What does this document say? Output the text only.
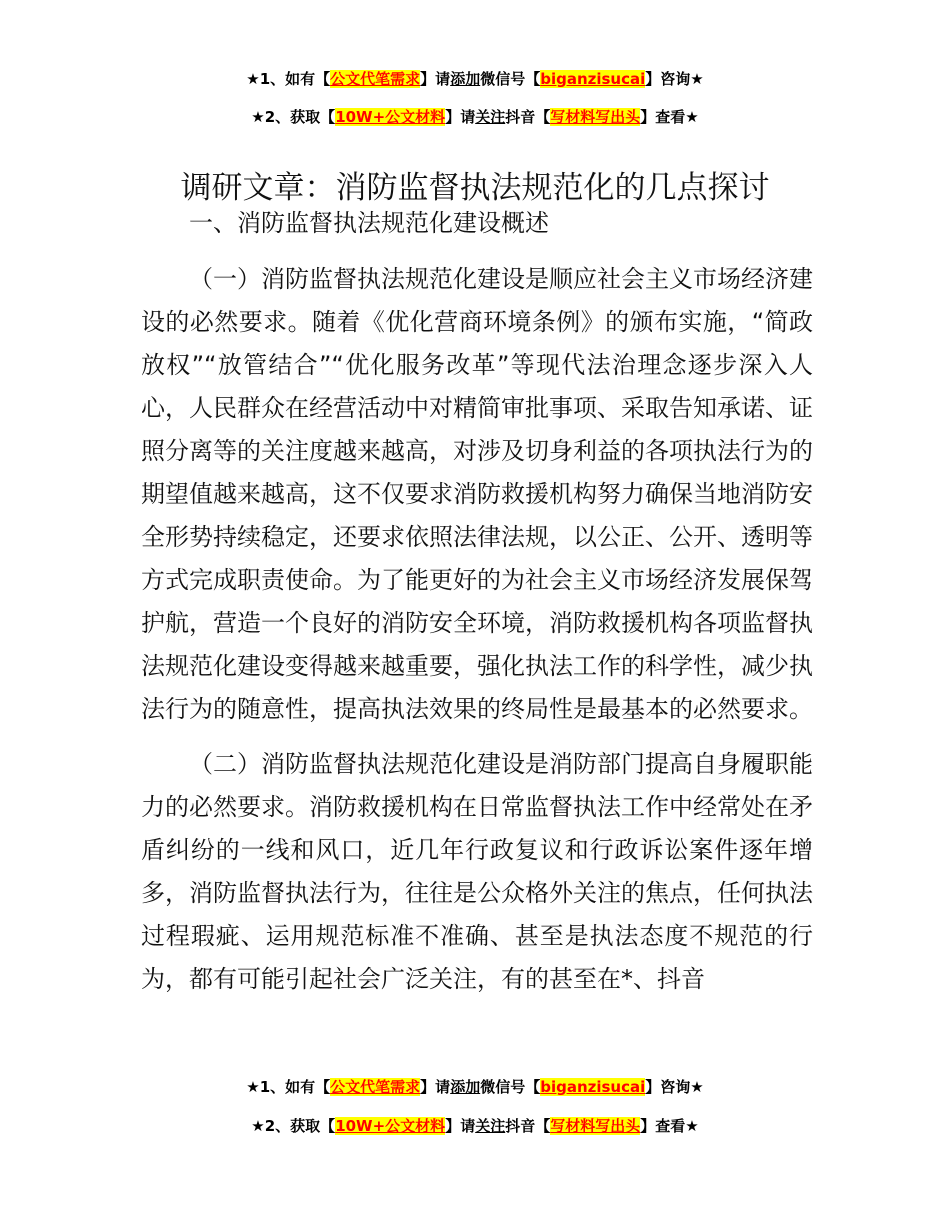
★1、如有【公文代笔需求】请添加微信号【biganzisucai】咨询★
★2、获取【10W+公文材料】请关注抖音【写材料写出头】查看★
调研文章：消防监督执法规范化的几点探讨

一、消防监督执法规范化建设概述

（一）消防监督执法规范化建设是顺应社会主义市场经济建设的必然要求。随着《优化营商环境条例》的颁布实施，“简政放权”“放管结合”“优化服务改革”等现代法治理念逐步深入人心，人民群众在经营活动中对精简审批事项、采取告知承诺、证照分离等的关注度越来越高，对涉及切身利益的各项执法行为的期望值越来越高，这不仅要求消防救援机构努力确保当地消防安全形势持续稳定，还要求依照法律法规，以公正、公开、透明等方式完成职责使命。为了能更好的为社会主义市场经济发展保驾护航，营造一个良好的消防安全环境，消防救援机构各项监督执法规范化建设变得越来越重要，强化执法工作的科学性，减少执法行为的随意性，提高执法效果的终局性是最基本的必然要求。

（二）消防监督执法规范化建设是消防部门提高自身履职能力的必然要求。消防救援机构在日常监督执法工作中经常处在矛盾纠纷的一线和风口，近几年行政复议和行政诉讼案件逐年增多，消防监督执法行为，往往是公众格外关注的焦点，任何执法过程瑕疵、运用规范标准不准确、甚至是执法态度不规范的行为，都有可能引起社会广泛关注，有的甚至在*、抖音

★1、如有【公文代笔需求】请添加微信号【biganzisucai】咨询★
★2、获取【10W+公文材料】请关注抖音【写材料写出头】查看★
